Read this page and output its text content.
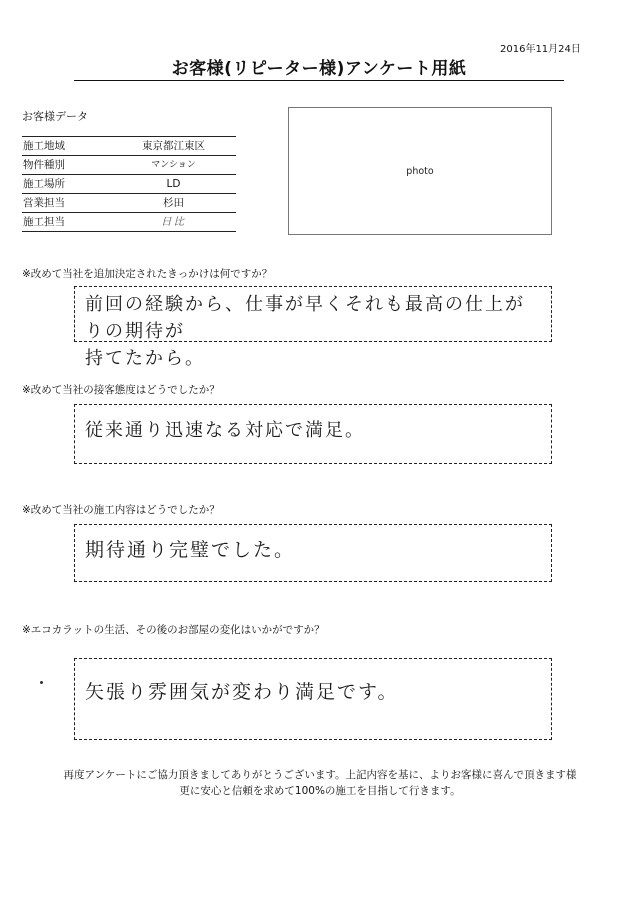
2016年11月24日
お客様(リピーター様)アンケート用紙
お客様データ
施工地域	東京都江東区
物件種別	マンション
施工場所	LD
営業担当	杉田
施工担当	日比
photo
※改めて当社を追加決定されたきっかけは何ですか？
前回の経験から、仕事が早くそれも最高の仕上がりの期待が
持てたから。
※改めて当社の接客態度はどうでしたか？
従来通り迅速なる対応で満足。
※改めて当社の施工内容はどうでしたか？
期待通り完璧でした。
※エコカラットの生活、その後のお部屋の変化はいかがですか？
矢張り雰囲気が変わり満足です。
再度アンケートにご協力頂きましてありがとうございます。上記内容を基に、よりお客様に喜んで頂きます様
更に安心と信頼を求めて100%の施工を目指して行きます。
